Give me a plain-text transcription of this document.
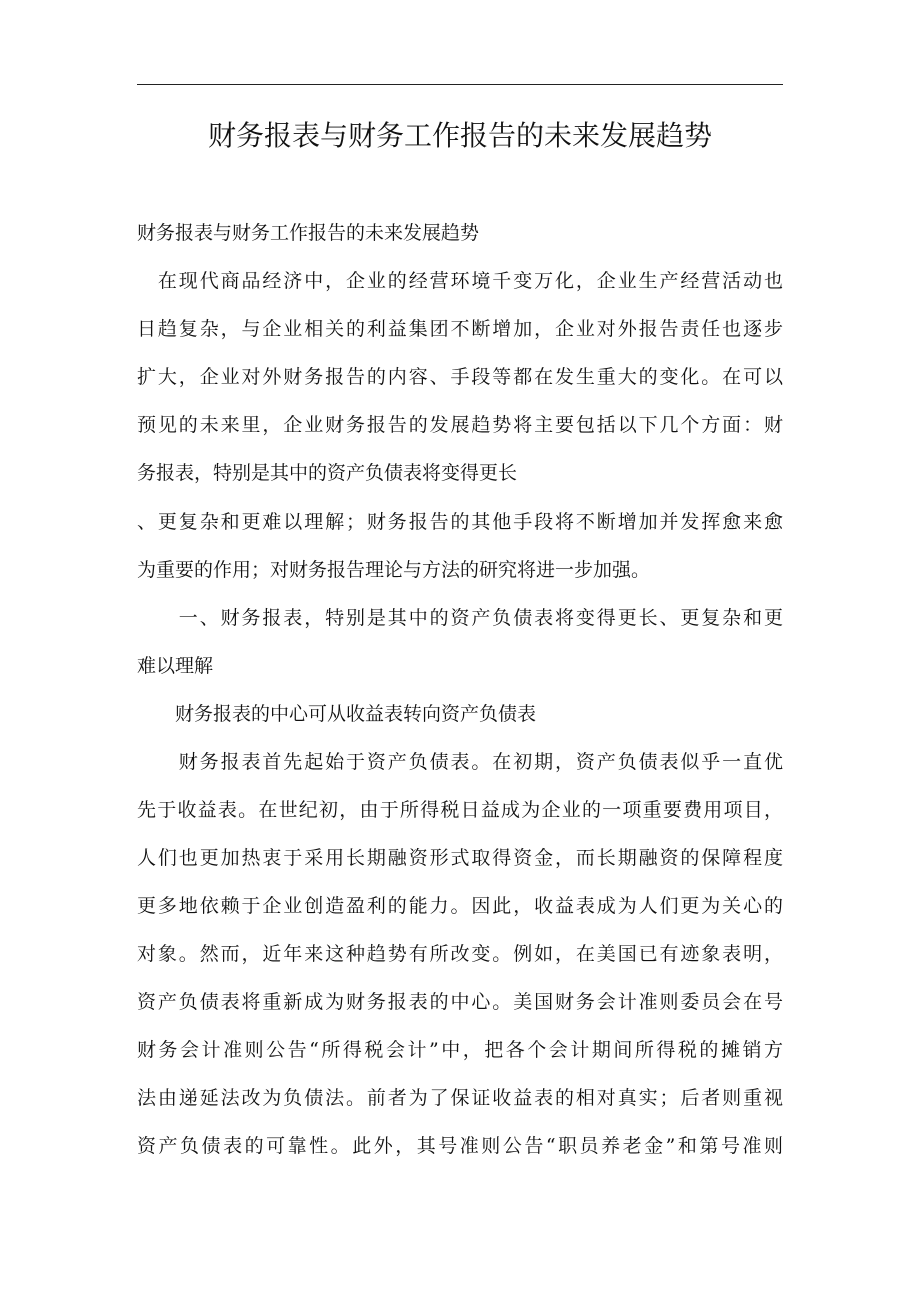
财务报表与财务工作报告的未来发展趋势
财务报表与财务工作报告的未来发展趋势
　在现代商品经济中，企业的经营环境千变万化，企业生产经营活动也
日趋复杂，与企业相关的利益集团不断增加，企业对外报告责任也逐步
扩大，企业对外财务报告的内容、手段等都在发生重大的变化。在可以
预见的未来里，企业财务报告的发展趋势将主要包括以下几个方面：财
务报表，特别是其中的资产负债表将变得更长
、更复杂和更难以理解；财务报告的其他手段将不断增加并发挥愈来愈
为重要的作用；对财务报告理论与方法的研究将进一步加强。
　　一、财务报表，特别是其中的资产负债表将变得更长、更复杂和更
难以理解
　　财务报表的中心可从收益表转向资产负债表
　　财务报表首先起始于资产负债表。在初期，资产负债表似乎一直优
先于收益表。在世纪初，由于所得税日益成为企业的一项重要费用项目，
人们也更加热衷于采用长期融资形式取得资金，而长期融资的保障程度
更多地依赖于企业创造盈利的能力。因此，收益表成为人们更为关心的
对象。然而，近年来这种趋势有所改变。例如，在美国已有迹象表明，
资产负债表将重新成为财务报表的中心。美国财务会计准则委员会在号
财务会计准则公告“所得税会计”中，把各个会计期间所得税的摊销方
法由递延法改为负债法。前者为了保证收益表的相对真实；后者则重视
资产负债表的可靠性。此外，其号准则公告“职员养老金”和第号准则
